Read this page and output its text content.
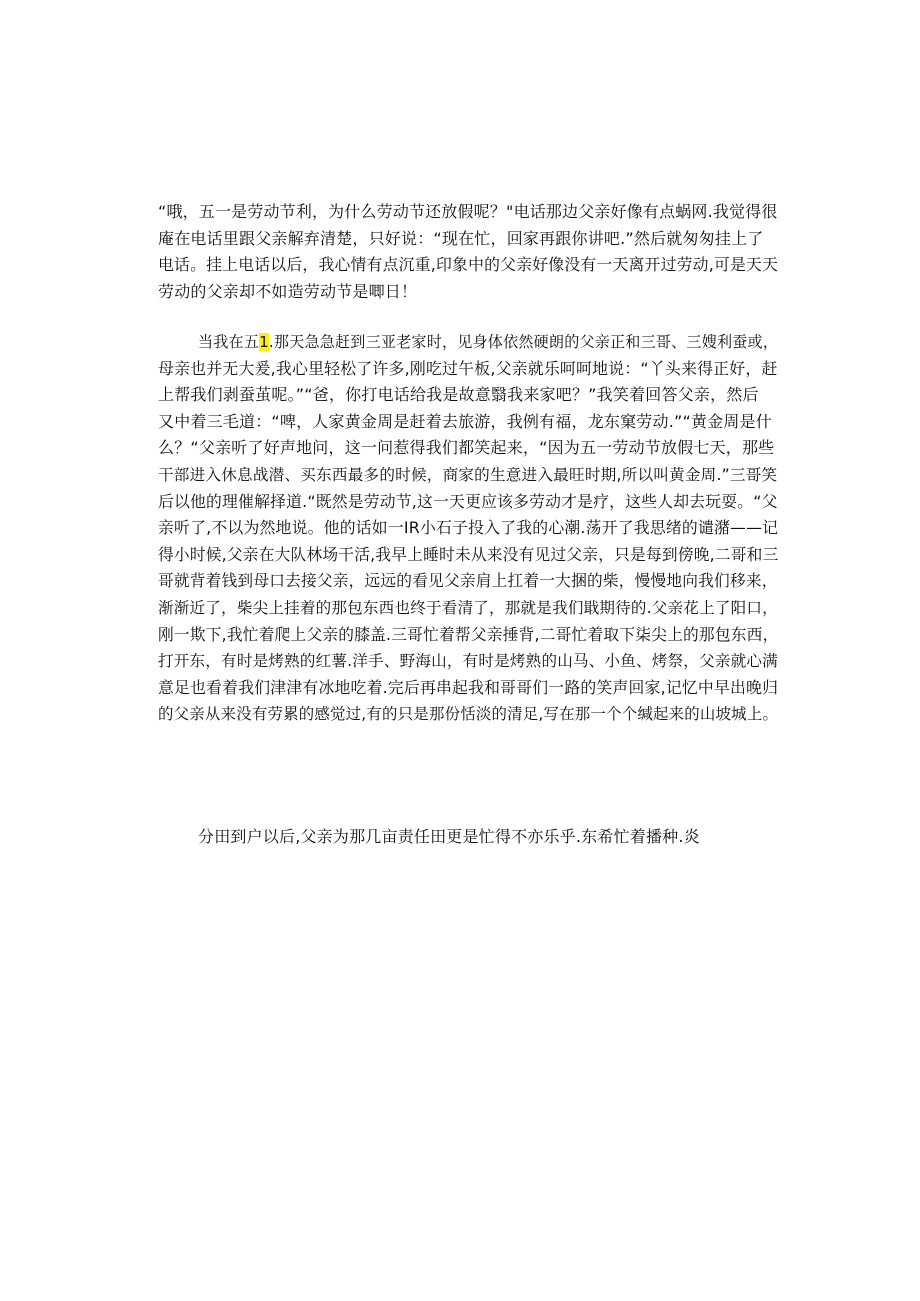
“哦，五一是劳动节利，为什么劳动节还放假呢？"电话那边父亲好像有点蜗网.我觉得很
庵在电话里跟父亲解弃清楚，只好说：“现在忙，回家再跟你讲吧.”然后就匆匆挂上了
电话。挂上电话以后，我心情有点沉重,印象中的父亲好像没有一天离开过劳动,可是天天
劳动的父亲却不如造劳动节是唧日！
当我在五1.那天急急赶到三亚老家时，见身体依然硬朗的父亲正和三哥、三嫂利蚕或，
母亲也并无大爰,我心里轻松了许多,刚吃过午板,父亲就乐呵呵地说：“丫头来得正好，赶
上帮我们剥蚕茧呢。”“爸，你打电话给我是故意翳我来家吧？”我笑着回答父亲，然后
又中着三毛道：“啤，人家黄金周是赶着去旅游，我例有福，龙东窠劳动.”“黄金周是什
么？“父亲听了好声地问，这一问惹得我们都笑起来，“因为五一劳动节放假七天，那些
干部进入休息战潜、买东西最多的时候，商家的生意进入最旺时期,所以叫黄金周.”三哥笑
后以他的理催解择道.“既然是劳动节,这一天更应该多劳动才是疗，这些人却去玩耍。“父
亲听了,不以为然地说。他的话如一IR小石子投入了我的心潮.荡开了我思绪的谴潴——记
得小时候,父亲在大队林场干活,我早上睡时未从来没有见过父亲，只是每到傍晚,二哥和三
哥就背着钱到母口去接父亲，远远的看见父亲肩上扛着一大捆的柴，慢慢地向我们移来，
渐渐近了，柴尖上挂着的那包东西也终于看清了，那就是我们戢期待的.父亲花上了阳口，
刚一欺下,我忙着爬上父亲的膝盖.三哥忙着帮父亲捶背,二哥忙着取下柒尖上的那包东西，
打开东，有时是烤熟的红薯.洋手、野海山，有时是烤熟的山马、小鱼、烤祭，父亲就心满
意足也看着我们津津有冰地吃着.完后再串起我和哥哥们一路的笑声回家,记忆中早出晚归
的父亲从来没有劳累的感觉过,有的只是那份恬淡的清足,写在那一个个缄起来的山坡城上。
分田到户以后,父亲为那几亩责任田更是忙得不亦乐乎.东希忙着播种.炎
